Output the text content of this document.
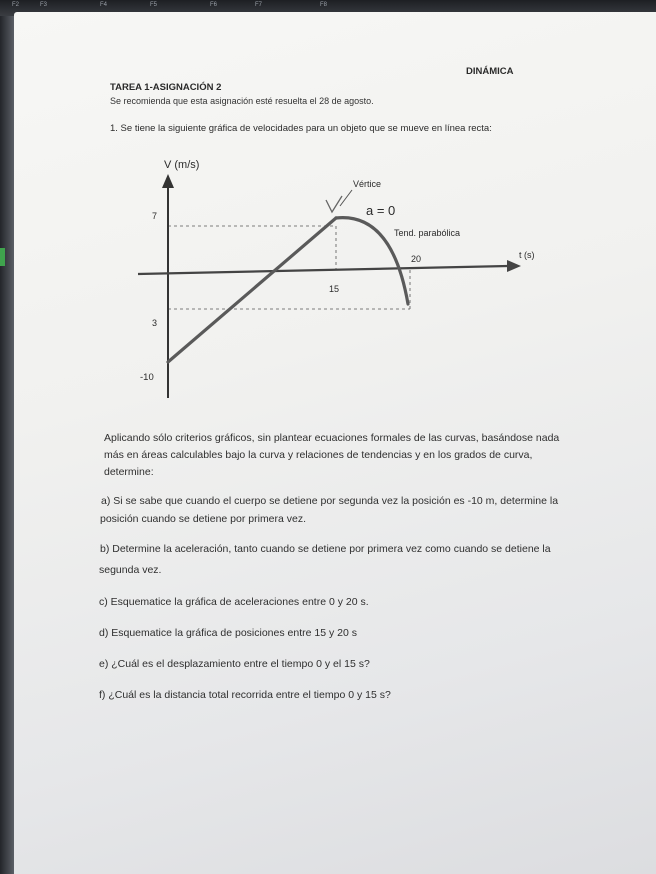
F2	F3	F4	F5	F6	F7	F8

DINÁMICA

TAREA 1-ASIGNACIÓN 2

Se recomienda que esta asignación esté resuelta el 28 de agosto.

1. Se tiene la siguiente gráfica de velocidades para un objeto que se mueve en línea recta:

V (m/s)
t (s)
7
3
-10
15
20
Vértice
Tend. parabólica
a = 0

Aplicando sólo criterios gráficos, sin plantear ecuaciones formales de las curvas, basándose nada

más en áreas calculables bajo la curva y relaciones de tendencias y en los grados de curva,

determine:

a) Si se sabe que cuando el cuerpo se detiene por segunda vez la posición es -10 m, determine la

posición cuando se detiene por primera vez.

b) Determine la aceleración, tanto cuando se detiene por primera vez como cuando se detiene la

segunda vez.

c) Esquematice la gráfica de aceleraciones entre 0 y 20 s.

d) Esquematice la gráfica de posiciones entre 15 y 20 s

e) ¿Cuál es el desplazamiento entre el tiempo 0 y el 15 s?

f) ¿Cuál es la distancia total recorrida entre el tiempo 0 y 15 s?
